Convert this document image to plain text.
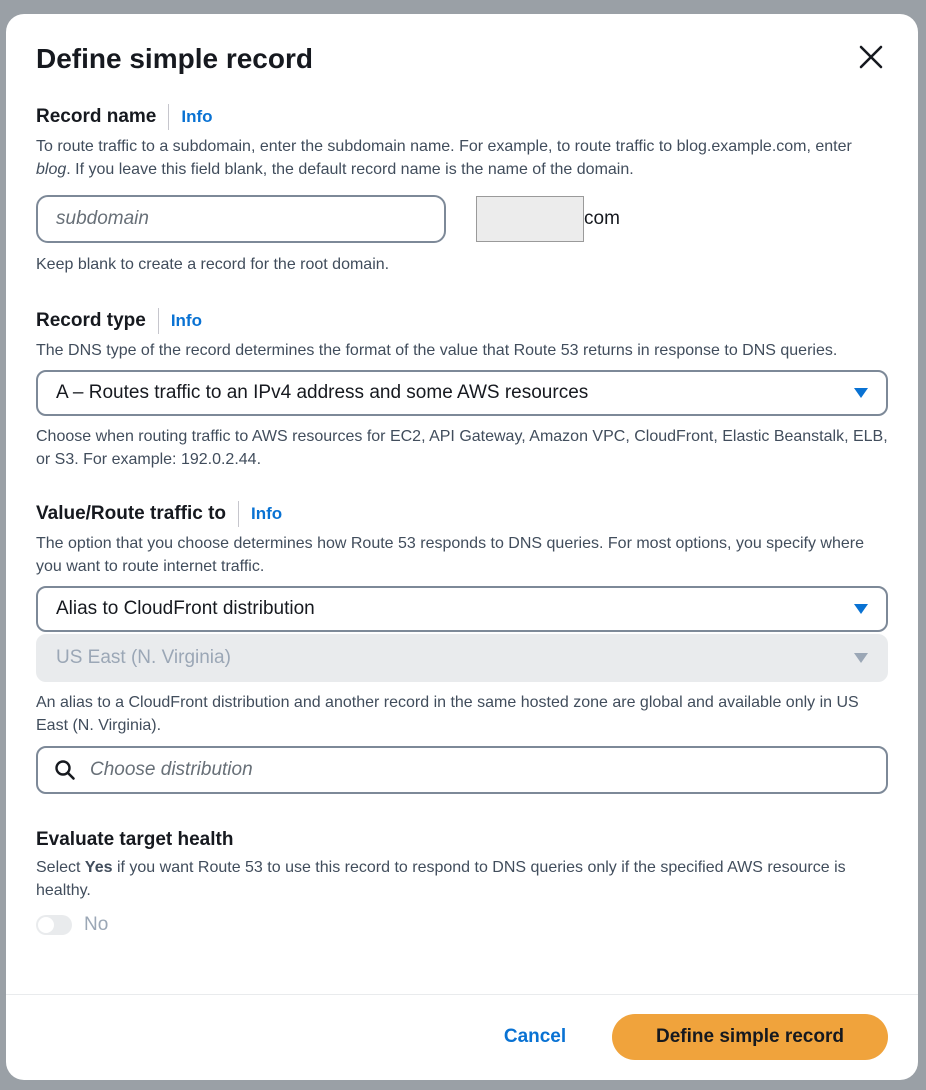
Define simple record
Record name Info
To route traffic to a subdomain, enter the subdomain name. For example, to route traffic to blog.example.com, enter blog. If you leave this field blank, the default record name is the name of the domain.
subdomain	com
Keep blank to create a record for the root domain.
Record type Info
The DNS type of the record determines the format of the value that Route 53 returns in response to DNS queries.
A – Routes traffic to an IPv4 address and some AWS resources
Choose when routing traffic to AWS resources for EC2, API Gateway, Amazon VPC, CloudFront, Elastic Beanstalk, ELB, or S3. For example: 192.0.2.44.
Value/Route traffic to Info
The option that you choose determines how Route 53 responds to DNS queries. For most options, you specify where you want to route internet traffic.
Alias to CloudFront distribution
US East (N. Virginia)
An alias to a CloudFront distribution and another record in the same hosted zone are global and available only in US East (N. Virginia).
Choose distribution
Evaluate target health
Select Yes if you want Route 53 to use this record to respond to DNS queries only if the specified AWS resource is healthy.
No
Cancel	Define simple record
